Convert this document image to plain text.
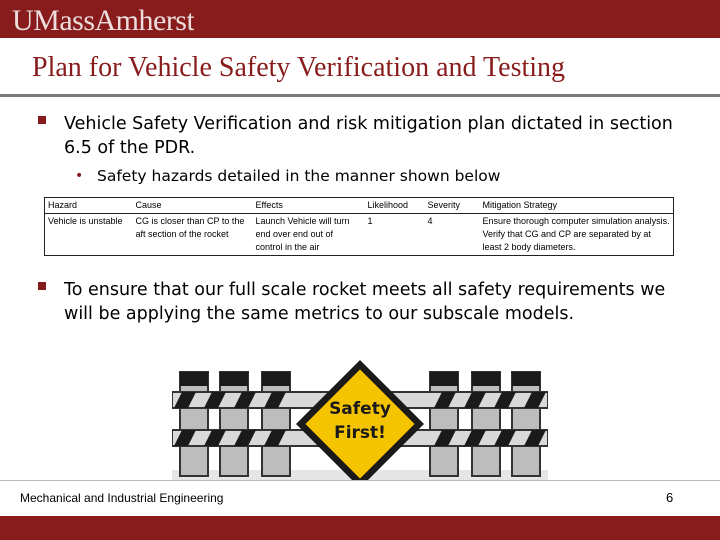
UMassAmherst
Plan for Vehicle Safety Verification and Testing
Vehicle Safety Verification and risk mitigation plan dictated in section 6.5 of the PDR.
• Safety hazards detailed in the manner shown below
Hazard	Cause	Effects	Likelihood	Severity	Mitigation Strategy
Vehicle is unstable	CG is closer than CP to the aft section of the rocket	Launch Vehicle will turn end over end out of control in the air	1	4	Ensure thorough computer simulation analysis. Verify that CG and CP are separated by at least 2 body diameters.
To ensure that our full scale rocket meets all safety requirements we will be applying the same metrics to our subscale models.
Safety
First!
Mechanical and Industrial Engineering	6
